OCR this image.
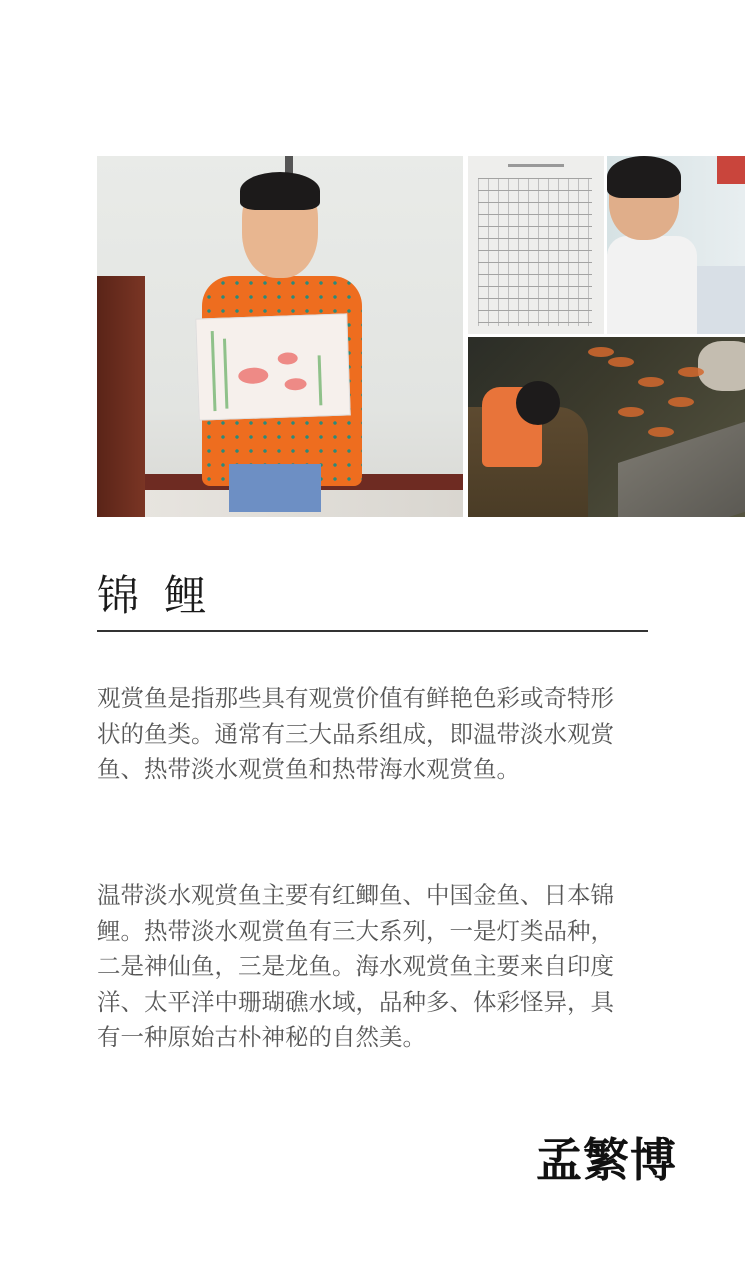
锦 鲤

观赏鱼是指那些具有观赏价值有鲜艳色彩或奇特形状的鱼类。通常有三大品系组成，即温带淡水观赏鱼、热带淡水观赏鱼和热带海水观赏鱼。

温带淡水观赏鱼主要有红鲫鱼、中国金鱼、日本锦鲤。热带淡水观赏鱼有三大系列，一是灯类品种，二是神仙鱼，三是龙鱼。海水观赏鱼主要来自印度洋、太平洋中珊瑚礁水域，品种多、体彩怪异，具有一种原始古朴神秘的自然美。

孟繁博
